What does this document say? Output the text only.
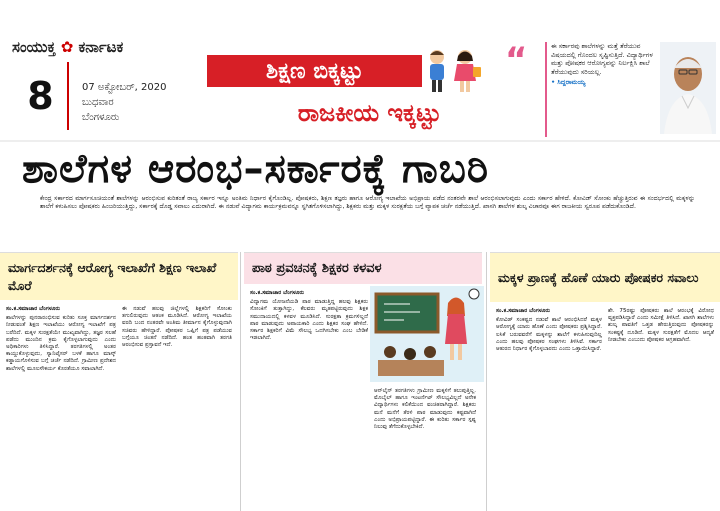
ಸಂಯುಕ್ತ ✿ ಕರ್ನಾಟಕ
8	07 ಅಕ್ಟೋಬರ್, 2020
ಬುಧವಾರ
ಬೆಂಗಳೂರು
ಶಿಕ್ಷಣ ಬಿಕ್ಕಟ್ಟು
ರಾಜಕೀಯ ಇಕ್ಕಟ್ಟು
“	ಈ ಸರ್ಕಾರವು ಶಾಲೆಗಳನ್ನು ಮತ್ತೆ ತೆರೆಯುವ ವಿಷಯದಲ್ಲಿ ಗೊಂದಲ ಸೃಷ್ಟಿಸುತ್ತಿದೆ. ವಿದ್ಯಾರ್ಥಿಗಳ ಮತ್ತು ಪೋಷಕರ ಆರೋಗ್ಯವನ್ನು ನಿರ್ಲಕ್ಷಿಸಿ ಶಾಲೆ ತೆರೆಯುವುದು ಸರಿಯಲ್ಲ.
• ಸಿದ್ದರಾಮಯ್ಯ
ಶಾಲೆಗಳ ಆರಂಭ–ಸರ್ಕಾರಕ್ಕೆ ಗಾಬರಿ

ಕೇಂದ್ರ ಸರ್ಕಾರದ ಮಾರ್ಗಸೂಚಿಯಂತೆ ಶಾಲೆಗಳನ್ನು ಆರಂಭಿಸುವ ಕುರಿತಂತೆ ರಾಜ್ಯ ಸರ್ಕಾರ ಇನ್ನೂ ಅಂತಿಮ ನಿರ್ಧಾರ ಕೈಗೊಂಡಿಲ್ಲ. ಪೋಷಕರು, ಶಿಕ್ಷಣ ತಜ್ಞರು ಹಾಗೂ ಆರೋಗ್ಯ ಇಲಾಖೆಯ ಅಭಿಪ್ರಾಯ ಪಡೆದ ನಂತರವೇ ಶಾಲೆ ಆರಂಭಿಸಲಾಗುವುದು ಎಂದು ಸರ್ಕಾರ ಹೇಳಿದೆ. ಕೋವಿಡ್ ಸೋಂಕು ಹೆಚ್ಚುತ್ತಿರುವ ಈ ಸಂದರ್ಭದಲ್ಲಿ ಮಕ್ಕಳನ್ನು ಶಾಲೆಗೆ ಕಳುಹಿಸಲು ಪೋಷಕರು ಹಿಂಜರಿಯುತ್ತಿದ್ದು, ಸರ್ಕಾರಕ್ಕೆ ದೊಡ್ಡ ಸವಾಲು ಎದುರಾಗಿದೆ. ಈ ನಡುವೆ ವಿದ್ಯಾಗಮ ಕಾರ್ಯಕ್ರಮವನ್ನೂ ಸ್ಥಗಿತಗೊಳಿಸಲಾಗಿದ್ದು, ಶಿಕ್ಷಕರು ಮತ್ತು ಮಕ್ಕಳ ಸುರಕ್ಷತೆಯ ಬಗ್ಗೆ ವ್ಯಾಪಕ ಚರ್ಚೆ ನಡೆಯುತ್ತಿದೆ. ಖಾಸಗಿ ಶಾಲೆಗಳ ಶುಲ್ಕ ವಿಚಾರವೂ ಈಗ ರಾಜಕೀಯ ಸ್ವರೂಪ ಪಡೆದುಕೊಂಡಿದೆ.

ಮಾರ್ಗದರ್ಶನಕ್ಕೆ ಆರೋಗ್ಯ ಇಲಾಖೆಗೆ ಶಿಕ್ಷಣ ಇಲಾಖೆ ಮೊರೆ
ಸಂ.ಕ.ಸಮಾಚಾರ ಬೆಂಗಳೂರು
ಶಾಲೆಗಳನ್ನು ಪುನರಾರಂಭಿಸುವ ಕುರಿತು ಸೂಕ್ತ ಮಾರ್ಗದರ್ಶನ ನೀಡುವಂತೆ ಶಿಕ್ಷಣ ಇಲಾಖೆಯು ಆರೋಗ್ಯ ಇಲಾಖೆಗೆ ಪತ್ರ ಬರೆದಿದೆ. ಮಕ್ಕಳ ಸುರಕ್ಷತೆಯೇ ಮುಖ್ಯವಾಗಿದ್ದು, ತಜ್ಞರ ಸಲಹೆ ಪಡೆದು ಮುಂದಿನ ಕ್ರಮ ಕೈಗೊಳ್ಳಲಾಗುವುದು ಎಂದು ಅಧಿಕಾರಿಗಳು ತಿಳಿಸಿದ್ದಾರೆ. ತರಗತಿಗಳಲ್ಲಿ ಅಂತರ ಕಾಯ್ದುಕೊಳ್ಳುವುದು, ಸ್ಯಾನಿಟೈಸರ್ ಬಳಕೆ ಹಾಗೂ ಮಾಸ್ಕ್ ಕಡ್ಡಾಯಗೊಳಿಸುವ ಬಗ್ಗೆ ಚರ್ಚೆ ನಡೆದಿದೆ. ಗ್ರಾಮೀಣ ಪ್ರದೇಶದ ಶಾಲೆಗಳಲ್ಲಿ ಮೂಲಸೌಕರ್ಯ ಕೊರತೆಯೂ ಸವಾಲಾಗಿದೆ.
ಈ ನಡುವೆ ಹಲವು ಜಿಲ್ಲೆಗಳಲ್ಲಿ ಶಿಕ್ಷಕರಿಗೆ ಸೋಂಕು ತಗುಲಿರುವುದು ಆತಂಕ ಮೂಡಿಸಿದೆ. ಆರೋಗ್ಯ ಇಲಾಖೆಯ ವರದಿ ಬಂದ ನಂತರವೇ ಅಂತಿಮ ತೀರ್ಮಾನ ಕೈಗೊಳ್ಳುವುದಾಗಿ ಸಚಿವರು ಹೇಳಿದ್ದಾರೆ. ಪೋಷಕರ ಒಪ್ಪಿಗೆ ಪತ್ರ ಪಡೆಯುವ ಬಗ್ಗೆಯೂ ಚಿಂತನೆ ನಡೆದಿದೆ. ಹಂತ ಹಂತವಾಗಿ ತರಗತಿ ಆರಂಭಿಸುವ ಪ್ರಸ್ತಾವನೆ ಇದೆ.
ಪಾಠ ಪ್ರವಚನಕ್ಕೆ ಶಿಕ್ಷಕರ ಕಳವಳ
ಸಂ.ಕ.ಸಮಾಚಾರ ಬೆಂಗಳೂರು
ವಿದ್ಯಾಗಮ ಯೋಜನೆಯಡಿ ಪಾಠ ಮಾಡುತ್ತಿದ್ದ ಹಲವು ಶಿಕ್ಷಕರು ಸೋಂಕಿಗೆ ತುತ್ತಾಗಿದ್ದು, ಕೆಲವರು ಮೃತಪಟ್ಟಿರುವುದು ಶಿಕ್ಷಕ ಸಮುದಾಯದಲ್ಲಿ ಕಳವಳ ಮೂಡಿಸಿದೆ. ಸುರಕ್ಷತಾ ಕ್ರಮಗಳಿಲ್ಲದೆ ಪಾಠ ಮಾಡುವುದು ಅಪಾಯಕಾರಿ ಎಂದು ಶಿಕ್ಷಕರ ಸಂಘ ಹೇಳಿದೆ. ಸರ್ಕಾರ ಶಿಕ್ಷಕರಿಗೆ ವಿಮೆ ಸೌಲಭ್ಯ ಒದಗಿಸಬೇಕು ಎಂಬ ಬೇಡಿಕೆ ಇಡಲಾಗಿದೆ.
ಆನ್‌ಲೈನ್ ತರಗತಿಗಳು ಗ್ರಾಮೀಣ ಮಕ್ಕಳಿಗೆ ತಲುಪುತ್ತಿಲ್ಲ. ಮೊಬೈಲ್ ಹಾಗೂ ಇಂಟರ್ನೆಟ್ ಸೌಲಭ್ಯವಿಲ್ಲದೆ ಅನೇಕ ವಿದ್ಯಾರ್ಥಿಗಳು ಕಲಿಕೆಯಿಂದ ವಂಚಿತರಾಗಿದ್ದಾರೆ. ಶಿಕ್ಷಕರು ಮನೆ ಮನೆಗೆ ತೆರಳಿ ಪಾಠ ಮಾಡುವುದು ಕಷ್ಟವಾಗಿದೆ ಎಂದು ಅಭಿಪ್ರಾಯಪಟ್ಟಿದ್ದಾರೆ. ಈ ಕುರಿತು ಸರ್ಕಾರ ಸ್ಪಷ್ಟ ನಿಲುವು ತೆಗೆದುಕೊಳ್ಳಬೇಕಿದೆ.
ಮಕ್ಕಳ ಪ್ರಾಣಕ್ಕೆ ಹೊಣೆ ಯಾರು ಪೋಷಕರ ಸವಾಲು
ಸಂ.ಕ.ಸಮಾಚಾರ ಬೆಂಗಳೂರು
ಕೋವಿಡ್ ಸಂಕಷ್ಟದ ನಡುವೆ ಶಾಲೆ ಆರಂಭಿಸಿದರೆ ಮಕ್ಕಳ ಆರೋಗ್ಯಕ್ಕೆ ಯಾರು ಹೊಣೆ ಎಂದು ಪೋಷಕರು ಪ್ರಶ್ನಿಸಿದ್ದಾರೆ. ಲಸಿಕೆ ಬರುವವರೆಗೆ ಮಕ್ಕಳನ್ನು ಶಾಲೆಗೆ ಕಳುಹಿಸುವುದಿಲ್ಲ ಎಂದು ಹಲವು ಪೋಷಕರ ಸಂಘಗಳು ತಿಳಿಸಿವೆ. ಸರ್ಕಾರ ಆತುರದ ನಿರ್ಧಾರ ಕೈಗೊಳ್ಳಬಾರದು ಎಂದು ಒತ್ತಾಯಿಸಿದ್ದಾರೆ.
ಶೇ. 75ರಷ್ಟು ಪೋಷಕರು ಶಾಲೆ ಆರಂಭಕ್ಕೆ ವಿರೋಧ ವ್ಯಕ್ತಪಡಿಸಿದ್ದಾರೆ ಎಂದು ಸಮೀಕ್ಷೆ ತಿಳಿಸಿದೆ. ಖಾಸಗಿ ಶಾಲೆಗಳು ಶುಲ್ಕ ಪಾವತಿಗೆ ಒತ್ತಡ ಹೇರುತ್ತಿರುವುದು ಪೋಷಕರನ್ನು ಸಂಕಷ್ಟಕ್ಕೆ ದೂಡಿದೆ. ಮಕ್ಕಳ ಸುರಕ್ಷತೆಗೆ ಮೊದಲ ಆದ್ಯತೆ ನೀಡಬೇಕು ಎಂಬುದು ಪೋಷಕರ ಆಗ್ರಹವಾಗಿದೆ.
